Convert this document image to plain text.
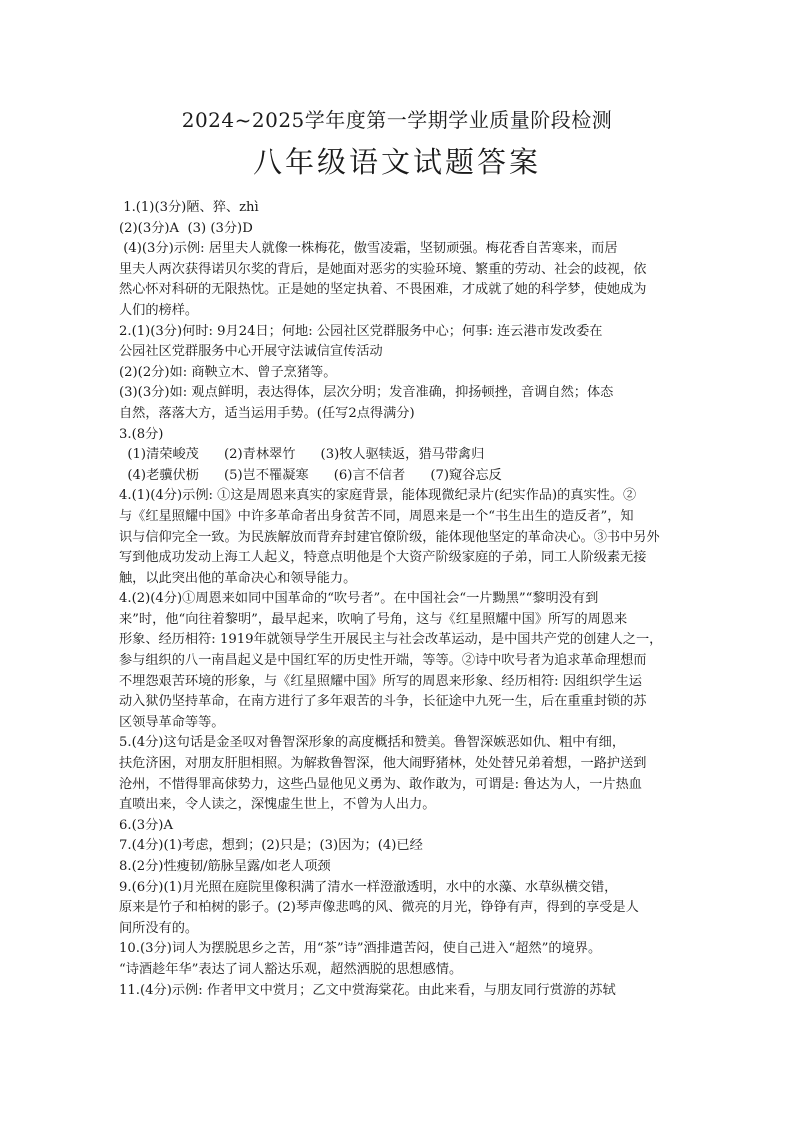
2024~2025学年度第一学期学业质量阶段检测
八年级语文试题答案
1.(1)(3分)陋、猝、zhì
(2)(3分)A  (3) (3分)D
(4)(3分)示例: 居里夫人就像一株梅花，傲雪凌霜，坚韧顽强。梅花香自苦寒来，而居
里夫人两次获得诺贝尔奖的背后，是她面对恶劣的实验环境、繁重的劳动、社会的歧视，依
然心怀对科研的无限热忱。正是她的坚定执着、不畏困难，才成就了她的科学梦，使她成为
人们的榜样。
2.(1)(3分)何时: 9月24日；何地: 公园社区党群服务中心；何事: 连云港市发改委在
公园社区党群服务中心开展守法诚信宣传活动
(2)(2分)如: 商鞅立木、曾子烹猪等。
(3)(3分)如: 观点鲜明，表达得体，层次分明；发音准确，抑扬顿挫，音调自然；体态
自然，落落大方，适当运用手势。(任写2点得满分)
3.(8分)
(1)清荣峻茂      (2)青林翠竹      (3)牧人驱犊返，猎马带禽归
(4)老骥伏枥      (5)岂不罹凝寒      (6)言不信者      (7)窥谷忘反
4.(1)(4分)示例: ①这是周恩来真实的家庭背景，能体现微纪录片(纪实作品)的真实性。②
与《红星照耀中国》中许多革命者出身贫苦不同，周恩来是一个“书生出生的造反者”，知
识与信仰完全一致。为民族解放而背弃封建官僚阶级，能体现他坚定的革命决心。③书中另外
写到他成功发动上海工人起义，特意点明他是个大资产阶级家庭的子弟，同工人阶级素无接
触，以此突出他的革命决心和领导能力。
4.(2)(4分)①周恩来如同中国革命的“吹号者”。在中国社会“一片黝黑”“黎明没有到
来”时，他“向往着黎明”，最早起来，吹响了号角，这与《红星照耀中国》所写的周恩来
形象、经历相符: 1919年就领导学生开展民主与社会改革运动，是中国共产党的创建人之一，
参与组织的八一南昌起义是中国红军的历史性开端，等等。②诗中吹号者为追求革命理想而
不埋怨艰苦环境的形象，与《红星照耀中国》所写的周恩来形象、经历相符: 因组织学生运
动入狱仍坚持革命，在南方进行了多年艰苦的斗争，长征途中九死一生，后在重重封锁的苏
区领导革命等等。
5.(4分)这句话是金圣叹对鲁智深形象的高度概括和赞美。鲁智深嫉恶如仇、粗中有细，
扶危济困，对朋友肝胆相照。为解救鲁智深，他大闹野猪林，处处替兄弟着想，一路护送到
沧州，不惜得罪高俅势力，这些凸显他见义勇为、敢作敢为，可谓是: 鲁达为人，一片热血
直喷出来，令人读之，深愧虚生世上，不曾为人出力。
6.(3分)A
7.(4分)(1)考虑，想到；(2)只是；(3)因为；(4)已经
8.(2分)性瘦韧/筋脉呈露/如老人项颈
9.(6分)(1)月光照在庭院里像积满了清水一样澄澈透明，水中的水藻、水草纵横交错，
原来是竹子和柏树的影子。(2)琴声像悲鸣的风、微亮的月光，铮铮有声，得到的享受是人
间所没有的。
10.(3分)词人为摆脱思乡之苦，用“茶”诗”酒排遣苦闷，使自己进入“超然”的境界。
“诗酒趁年华”表达了词人豁达乐观，超然洒脱的思想感情。
11.(4分)示例: 作者甲文中赏月；乙文中赏海棠花。由此来看，与朋友同行赏游的苏轼
